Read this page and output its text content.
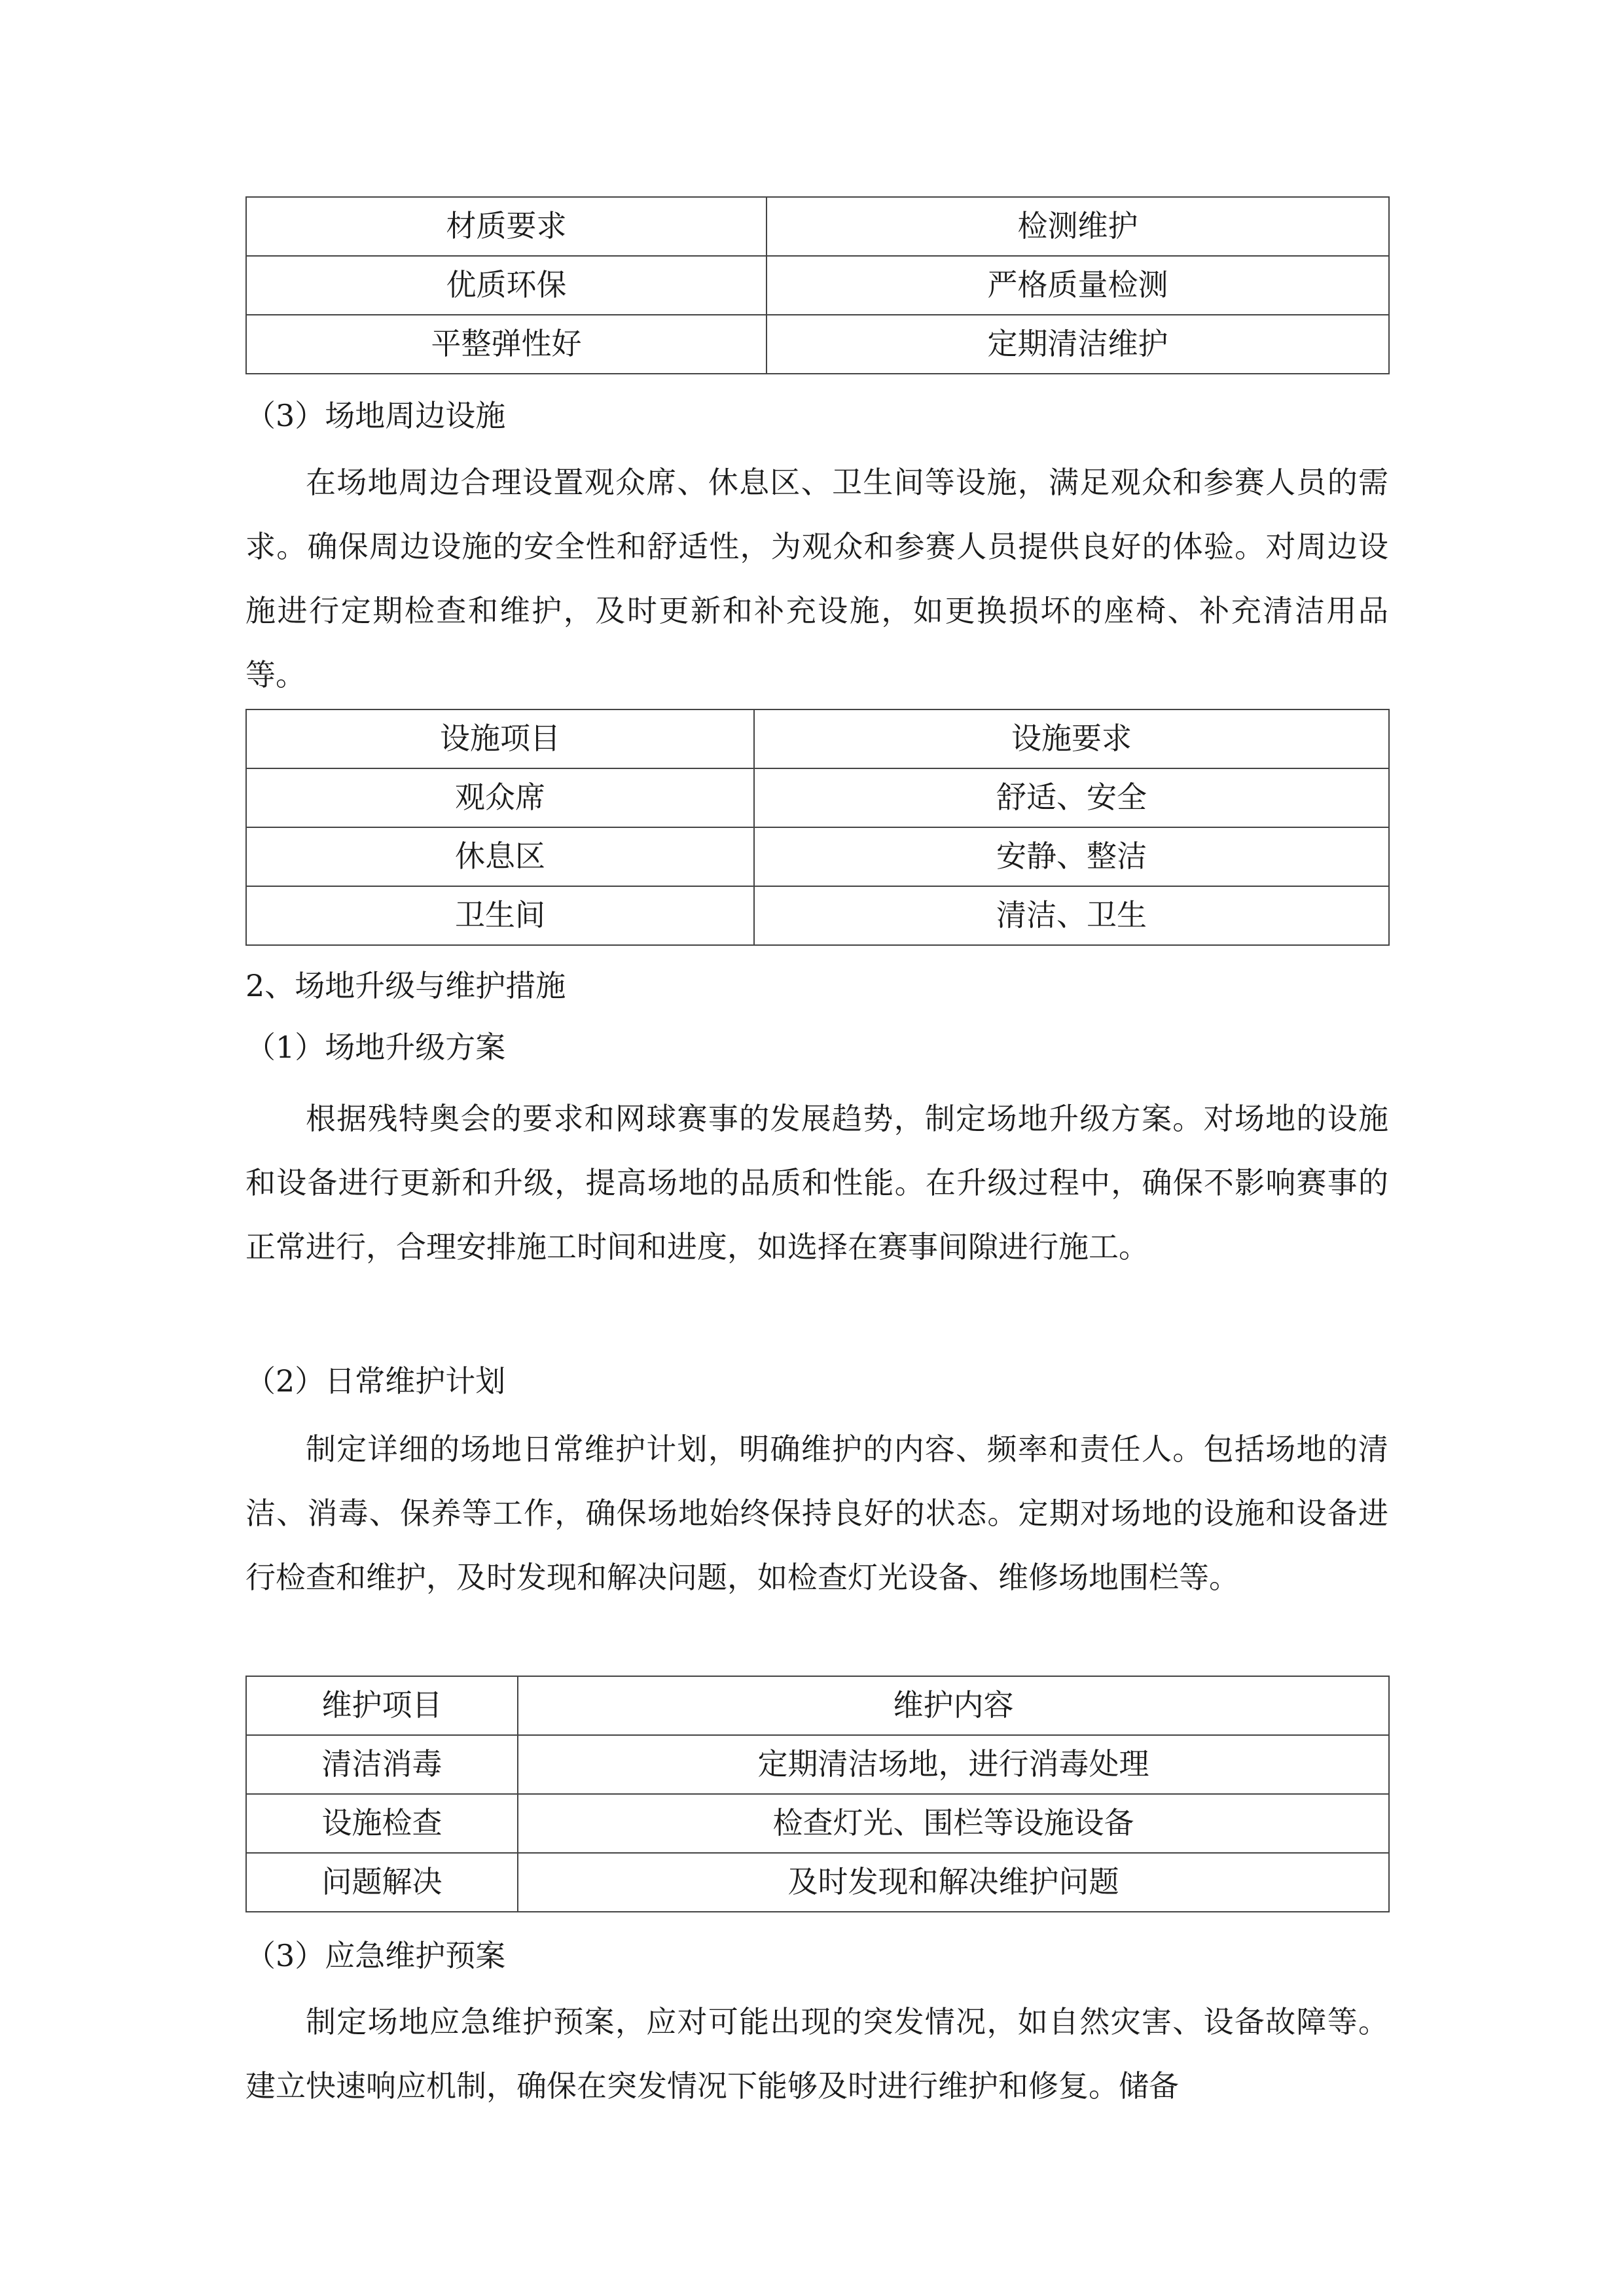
材质要求	检测维护
优质环保	严格质量检测
平整弹性好	定期清洁维护
（3）场地周边设施

在场地周边合理设置观众席、休息区、卫生间等设施，满足观众和参赛人员的需求。确保周边设施的安全性和舒适性，为观众和参赛人员提供良好的体验。对周边设施进行定期检查和维护，及时更新和补充设施，如更换损坏的座椅、补充清洁用品等。

设施项目	设施要求
观众席	舒适、安全
休息区	安静、整洁
卫生间	清洁、卫生
2、场地升级与维护措施
（1）场地升级方案

根据残特奥会的要求和网球赛事的发展趋势，制定场地升级方案。对场地的设施和设备进行更新和升级，提高场地的品质和性能。在升级过程中，确保不影响赛事的正常进行，合理安排施工时间和进度，如选择在赛事间隙进行施工。

（2）日常维护计划

制定详细的场地日常维护计划，明确维护的内容、频率和责任人。包括场地的清洁、消毒、保养等工作，确保场地始终保持良好的状态。定期对场地的设施和设备进行检查和维护，及时发现和解决问题，如检查灯光设备、维修场地围栏等。

维护项目	维护内容
清洁消毒	定期清洁场地，进行消毒处理
设施检查	检查灯光、围栏等设施设备
问题解决	及时发现和解决维护问题
（3）应急维护预案

制定场地应急维护预案，应对可能出现的突发情况，如自然灾害、设备故障等。建立快速响应机制，确保在突发情况下能够及时进行维护和修复。储备
